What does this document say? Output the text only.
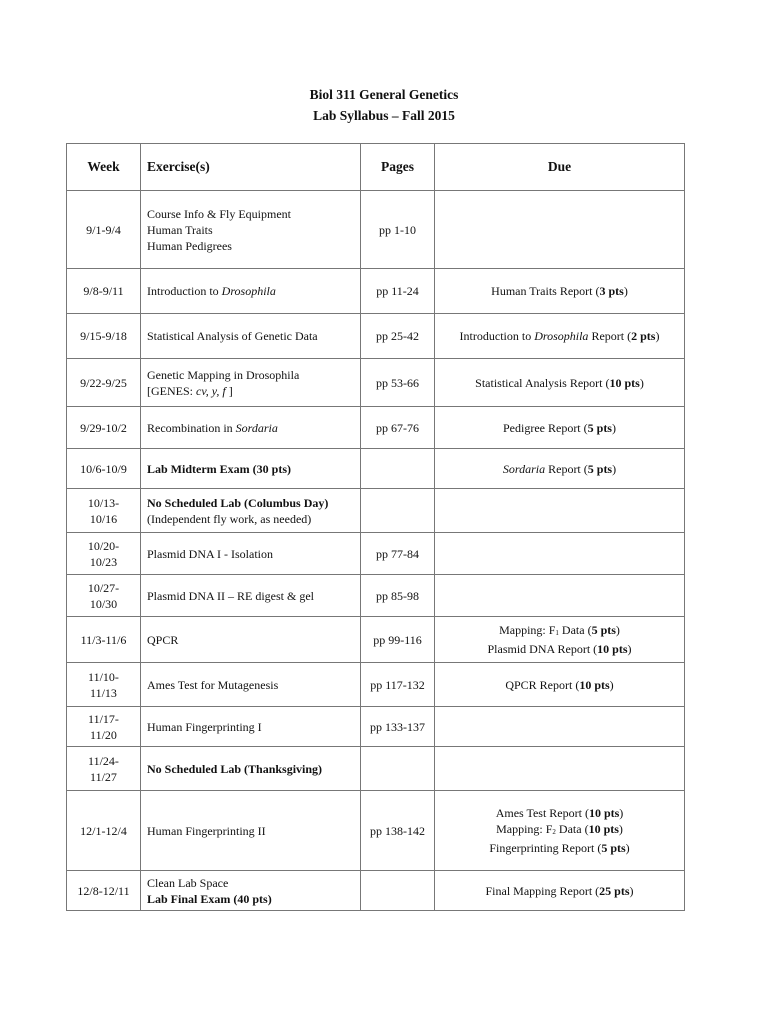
Biol 311 General Genetics
Lab Syllabus – Fall 2015
Week	Exercise(s)	Pages	Due

9/1-9/4	Course Info & Fly Equipment
Human Traits
Human Pedigrees	pp 1-10	

9/8-9/11	Introduction to Drosophila	pp 11-24	Human Traits Report (3 pts)

9/15-9/18	Statistical Analysis of Genetic Data	pp 25-42	Introduction to Drosophila Report (2 pts)

9/22-9/25	Genetic Mapping in Drosophila
[GENES: cv, y, f ]	pp 53-66	Statistical Analysis Report (10 pts)

9/29-10/2	Recombination in Sordaria	pp 67-76	Pedigree Report (5 pts)

10/6-10/9	Lab Midterm Exam (30 pts)		Sordaria Report (5 pts)

10/13-
10/16	No Scheduled Lab (Columbus Day)
(Independent fly work, as needed)		

10/20-
10/23	Plasmid DNA I - Isolation	pp 77-84	

10/27-
10/30	Plasmid DNA II – RE digest & gel	pp 85-98	

11/3-11/6	QPCR	pp 99-116	Mapping: $F_1$ Data (5 pts)
Plasmid DNA Report (10 pts)

11/10-
11/13	Ames Test for Mutagenesis	pp 117-132	QPCR Report (10 pts)

11/17-
11/20	Human Fingerprinting I	pp 133-137	

11/24-
11/27	No Scheduled Lab (Thanksgiving)		

12/1-12/4	Human Fingerprinting II	pp 138-142	Ames Test Report (10 pts)
Mapping: $F_2$ Data (10 pts)
Fingerprinting Report (5 pts)

12/8-12/11	Clean Lab Space
Lab Final Exam (40 pts)		Final Mapping Report (25 pts)
